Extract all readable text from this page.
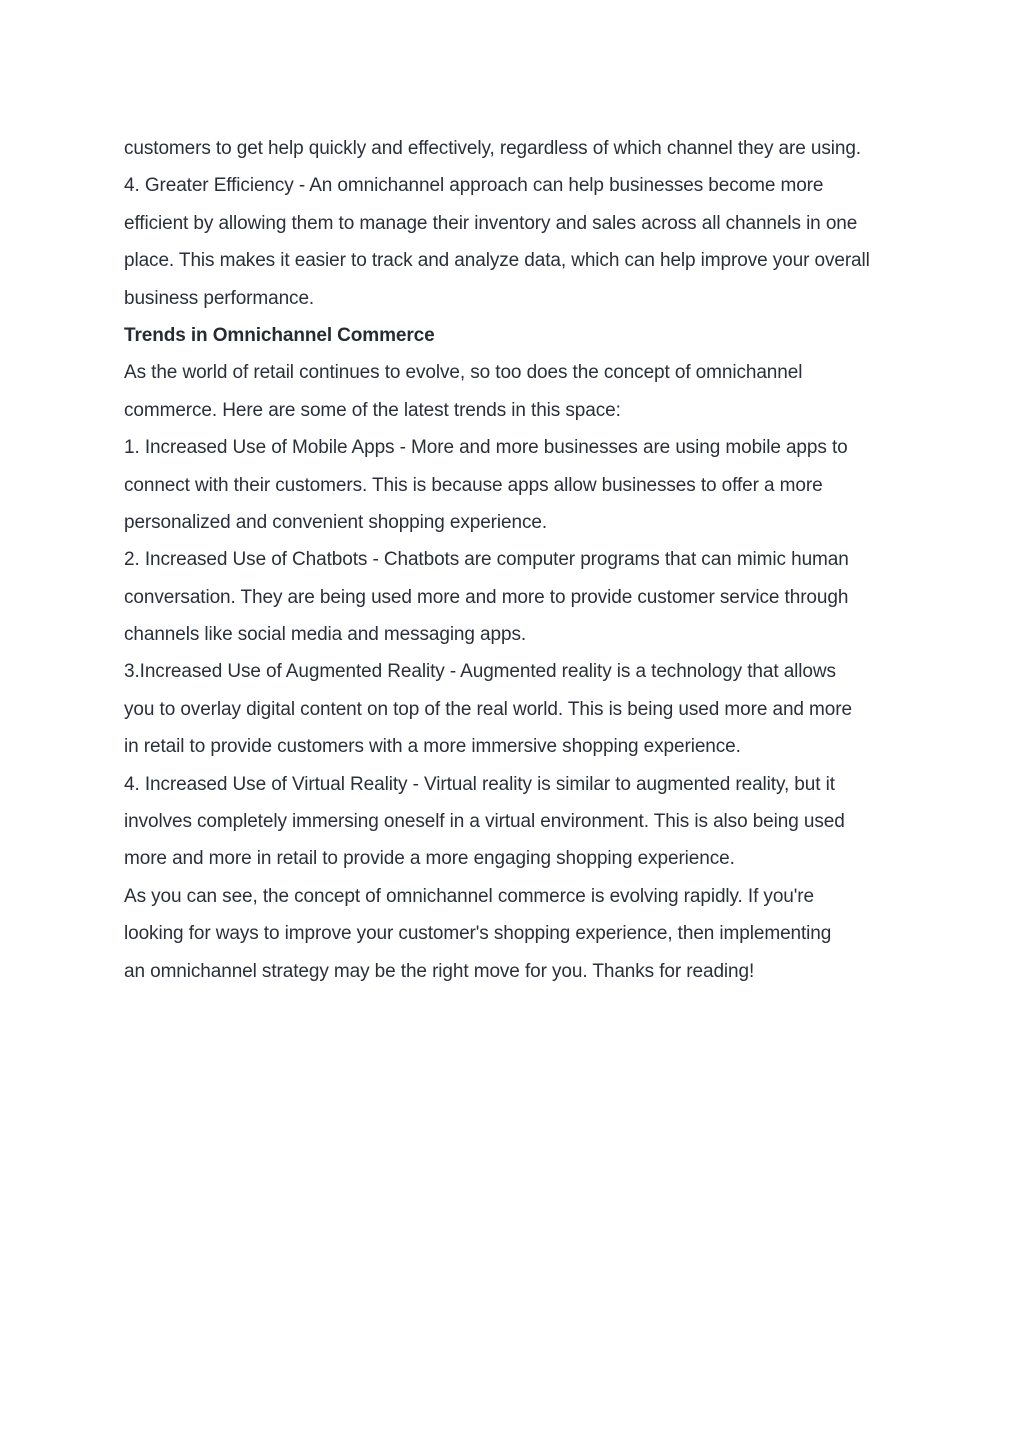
customers to get help quickly and effectively, regardless of which channel they are using.
4. Greater Efficiency - An omnichannel approach can help businesses become more
efficient by allowing them to manage their inventory and sales across all channels in one
place. This makes it easier to track and analyze data, which can help improve your overall
business performance.
Trends in Omnichannel Commerce
As the world of retail continues to evolve, so too does the concept of omnichannel
commerce. Here are some of the latest trends in this space:
1. Increased Use of Mobile Apps - More and more businesses are using mobile apps to
connect with their customers. This is because apps allow businesses to offer a more
personalized and convenient shopping experience.
2. Increased Use of Chatbots - Chatbots are computer programs that can mimic human
conversation. They are being used more and more to provide customer service through
channels like social media and messaging apps.
3.Increased Use of Augmented Reality - Augmented reality is a technology that allows
you to overlay digital content on top of the real world. This is being used more and more
in retail to provide customers with a more immersive shopping experience.
4. Increased Use of Virtual Reality - Virtual reality is similar to augmented reality, but it
involves completely immersing oneself in a virtual environment. This is also being used
more and more in retail to provide a more engaging shopping experience.
As you can see, the concept of omnichannel commerce is evolving rapidly. If you're
looking for ways to improve your customer's shopping experience, then implementing
an omnichannel strategy may be the right move for you. Thanks for reading!
